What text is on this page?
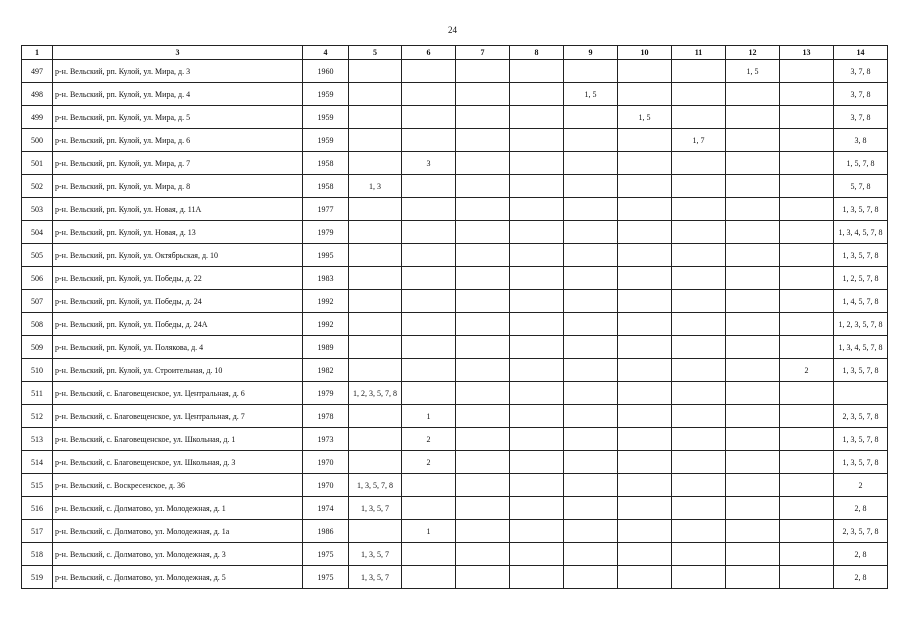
24
1	3	4	5	6	7	8	9	10	11	12	13	14
497	р-н. Вельский, рп. Кулой, ул. Мира, д. 3	1960								1, 5		3, 7, 8
498	р-н. Вельский, рп. Кулой, ул. Мира, д. 4	1959					1, 5					3, 7, 8
499	р-н. Вельский, рп. Кулой, ул. Мира, д. 5	1959						1, 5				3, 7, 8
500	р-н. Вельский, рп. Кулой, ул. Мира, д. 6	1959							1, 7			3, 8
501	р-н. Вельский, рп. Кулой, ул. Мира, д. 7	1958		3								1, 5, 7, 8
502	р-н. Вельский, рп. Кулой, ул. Мира, д. 8	1958	1, 3									5, 7, 8
503	р-н. Вельский, рп. Кулой, ул. Новая, д. 11А	1977										1, 3, 5, 7, 8
504	р-н. Вельский, рп. Кулой, ул. Новая, д. 13	1979										1, 3, 4, 5, 7, 8
505	р-н. Вельский, рп. Кулой, ул. Октябрьская, д. 10	1995										1, 3, 5, 7, 8
506	р-н. Вельский, рп. Кулой, ул. Победы, д. 22	1983										1, 2, 5, 7, 8
507	р-н. Вельский, рп. Кулой, ул. Победы, д. 24	1992										1, 4, 5, 7, 8
508	р-н. Вельский, рп. Кулой, ул. Победы, д. 24А	1992										1, 2, 3, 5, 7, 8
509	р-н. Вельский, рп. Кулой, ул. Полякова, д. 4	1989										1, 3, 4, 5, 7, 8
510	р-н. Вельский, рп. Кулой, ул. Строительная, д. 10	1982									2	1, 3, 5, 7, 8
511	р-н. Вельский, с. Благовещенское, ул. Центральная, д. 6	1979	1, 2, 3, 5, 7, 8									
512	р-н. Вельский, с. Благовещенское, ул. Центральная, д. 7	1978		1								2, 3, 5, 7, 8
513	р-н. Вельский, с. Благовещенское, ул. Школьная, д. 1	1973		2								1, 3, 5, 7, 8
514	р-н. Вельский, с. Благовещенское, ул. Школьная, д. 3	1970		2								1, 3, 5, 7, 8
515	р-н. Вельский, с. Воскресенское, д. 36	1970	1, 3, 5, 7, 8									2
516	р-н. Вельский, с. Долматово, ул. Молодежная, д. 1	1974	1, 3, 5, 7									2, 8
517	р-н. Вельский, с. Долматово, ул. Молодежная, д. 1а	1986		1								2, 3, 5, 7, 8
518	р-н. Вельский, с. Долматово, ул. Молодежная, д. 3	1975	1, 3, 5, 7									2, 8
519	р-н. Вельский, с. Долматово, ул. Молодежная, д. 5	1975	1, 3, 5, 7									2, 8
